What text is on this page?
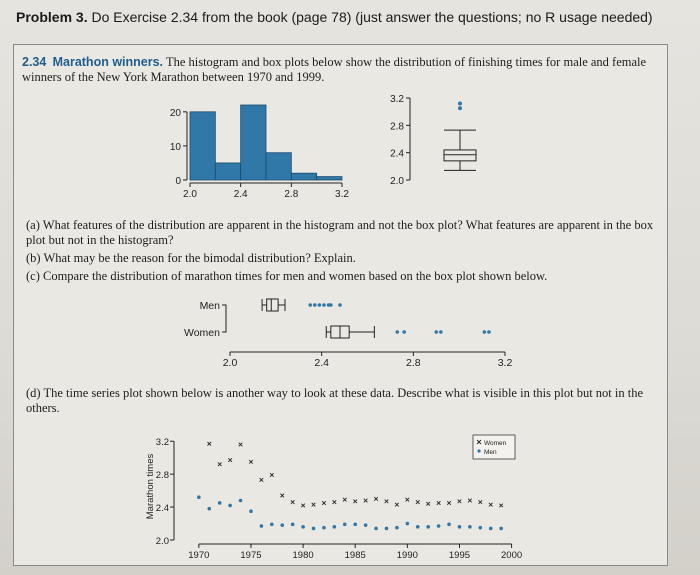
Problem 3. Do Exercise 2.34 from the book (page 78) (just answer the questions; no R usage needed)
2.34 Marathon winners. The histogram and box plots below show the distribution of finishing times for male and female winners of the New York Marathon between 1970 and 1999.
0
10
20
2.0	2.4	2.8	3.2
2.0
2.4
2.8
3.2
(a) What features of the distribution are apparent in the histogram and not the box plot? What features are apparent in the box plot but not in the histogram?
(b) What may be the reason for the bimodal distribution? Explain.
(c) Compare the distribution of marathon times for men and women based on the box plot shown below.
Men
Women
2.0	2.4	2.8	3.2
(d) The time series plot shown below is another way to look at these data. Describe what is visible in this plot but not in the others.
2.0
2.4
2.8
3.2
Marathon times
1970	1975	1980	1985	1990	1995	2000
Women
Men
